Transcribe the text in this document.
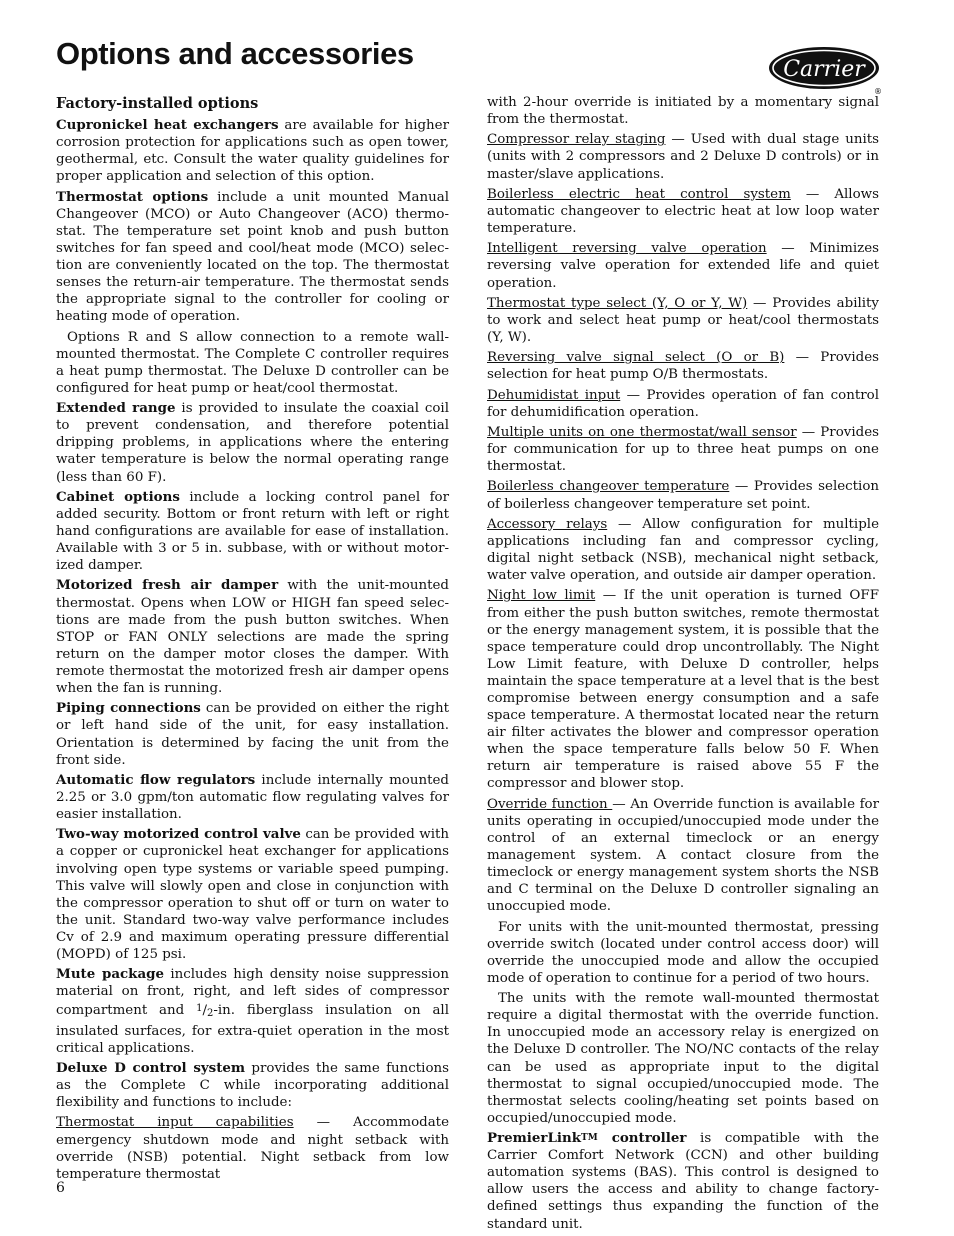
Options and accessories	Carrier
®
Factory-installed options

Cupronickel heat exchangers are available for higher corrosion protection for applications such as open tower, geothermal, etc. Consult the water quality guidelines for proper application and selection of this option.

Thermostat options include a unit mounted Manual Changeover (MCO) or Auto Changeover (ACO) thermostat. The temperature set point knob and push button switches for fan speed and cool/heat mode (MCO) selection are conveniently located on the top. The thermostat senses the return-air temperature. The thermostat sends the appropriate signal to the controller for cooling or heating mode of operation.

Options R and S allow connection to a remote wall-mounted thermostat. The Complete C controller requires a heat pump thermostat. The Deluxe D controller can be configured for heat pump or heat/cool thermostat.

Extended range is provided to insulate the coaxial coil to prevent condensation, and therefore potential dripping problems, in applications where the entering water temperature is below the normal operating range (less than 60 F).

Cabinet options include a locking control panel for added security. Bottom or front return with left or right hand configurations are available for ease of installation. Available with 3 or 5 in. subbase, with or without motorized damper.

Motorized fresh air damper with the unit-mounted thermostat. Opens when LOW or HIGH fan speed selections are made from the push button switches. When STOP or FAN ONLY selections are made the spring return on the damper motor closes the damper. With remote thermostat the motorized fresh air damper opens when the fan is running.

Piping connections can be provided on either the right or left hand side of the unit, for easy installation. Orientation is determined by facing the unit from the front side.

Automatic flow regulators include internally mounted 2.25 or 3.0 gpm/ton automatic flow regulating valves for easier installation.

Two-way motorized control valve can be provided with a copper or cupronickel heat exchanger for applications involving open type systems or variable speed pumping. This valve will slowly open and close in conjunction with the compressor operation to shut off or turn on water to the unit. Standard two-way valve performance includes Cv of 2.9 and maximum operating pressure differential (MOPD) of 125 psi.

Mute package includes high density noise suppression material on front, right, and left sides of compressor compartment and $^1$/2-in. fiberglass insulation on all insulated surfaces, for extra-quiet operation in the most critical applications.

Deluxe D control system provides the same functions as the Complete C while incorporating additional flexibility and functions to include:

Thermostat input capabilities — Accommodate emergency shutdown mode and night setback with override (NSB) potential. Night setback from low temperature thermostat

with 2-hour override is initiated by a momentary signal from the thermostat.

Compressor relay staging — Used with dual stage units (units with 2 compressors and 2 Deluxe D controls) or in master/slave applications.

Boilerless electric heat control system — Allows automatic changeover to electric heat at low loop water temperature.

Intelligent reversing valve operation — Minimizes reversing valve operation for extended life and quiet operation.

Thermostat type select (Y, O or Y, W) — Provides ability to work and select heat pump or heat/cool thermostats (Y, W).

Reversing valve signal select (O or B) — Provides selection for heat pump O/B thermostats.

Dehumidistat input — Provides operation of fan control for dehumidification operation.

Multiple units on one thermostat/wall sensor — Provides for communication for up to three heat pumps on one thermostat.

Boilerless changeover temperature — Provides selection of boilerless changeover temperature set point.

Accessory relays — Allow configuration for multiple applications including fan and compressor cycling, digital night setback (NSB), mechanical night setback, water valve operation, and outside air damper operation.

Night low limit — If the unit operation is turned OFF from either the push button switches, remote thermostat or the energy management system, it is possible that the space temperature could drop uncontrollably. The Night Low Limit feature, with Deluxe D controller, helps maintain the space temperature at a level that is the best compromise between energy consumption and a safe space temperature. A thermostat located near the return air filter activates the blower and compressor operation when the space temperature falls below 50 F. When return air temperature is raised above 55 F the compressor and blower stop.

Override function — An Override function is available for units operating in occupied/unoccupied mode under the control of an external timeclock or an energy management system. A contact closure from the timeclock or energy management system shorts the NSB and C terminal on the Deluxe D controller signaling an unoccupied mode.

For units with the unit-mounted thermostat, pressing override switch (located under control access door) will override the unoccupied mode and allow the occupied mode of operation to continue for a period of two hours.

The units with the remote wall-mounted thermostat require a digital thermostat with the override function. In unoccupied mode an accessory relay is energized on the Deluxe D controller. The NO/NC contacts of the relay can be used as appropriate input to the digital thermostat to signal occupied/unoccupied mode. The thermostat selects cooling/heating set points based on occupied/unoccupied mode.

PremierLink™ controller is compatible with the Carrier Comfort Network (CCN) and other building automation systems (BAS). This control is designed to allow users the access and ability to change factory-defined settings thus expanding the function of the standard unit.

6
